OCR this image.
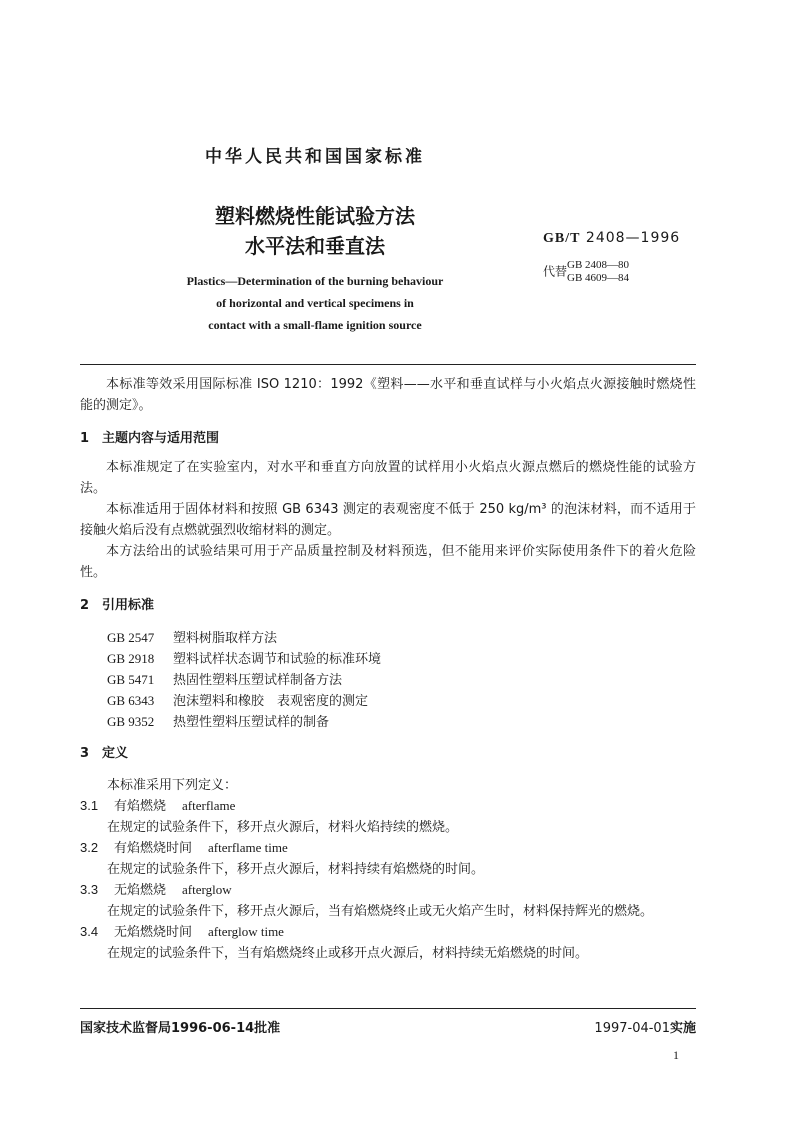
中华人民共和国国家标准
塑料燃烧性能试验方法
水平法和垂直法	GB/T 2408—1996
代替 GB 2408—80
GB 4609—84
Plastics—Determination of the burning behaviour
of horizontal and vertical specimens in
contact with a small-flame ignition source
本标准等效采用国际标准 ISO 1210：1992《塑料——水平和垂直试样与小火焰点火源接触时燃烧性能的测定》。
1 主题内容与适用范围
本标准规定了在实验室内，对水平和垂直方向放置的试样用小火焰点火源点燃后的燃烧性能的试验方法。
本标准适用于固体材料和按照 GB 6343 测定的表观密度不低于 250 kg/m³ 的泡沫材料，而不适用于接触火焰后没有点燃就强烈收缩材料的测定。
本方法给出的试验结果可用于产品质量控制及材料预选，但不能用来评价实际使用条件下的着火危险性。
2 引用标准
GB 2547 塑料树脂取样方法
GB 2918 塑料试样状态调节和试验的标准环境
GB 5471 热固性塑料压塑试样制备方法
GB 6343 泡沫塑料和橡胶　表观密度的测定
GB 9352 热塑性塑料压塑试样的制备
3 定义
本标准采用下列定义：
3.1 有焰燃烧 afterflame
在规定的试验条件下，移开点火源后，材料火焰持续的燃烧。
3.2 有焰燃烧时间 afterflame time
在规定的试验条件下，移开点火源后，材料持续有焰燃烧的时间。
3.3 无焰燃烧 afterglow
在规定的试验条件下，移开点火源后，当有焰燃烧终止或无火焰产生时，材料保持辉光的燃烧。
3.4 无焰燃烧时间 afterglow time
在规定的试验条件下，当有焰燃烧终止或移开点火源后，材料持续无焰燃烧的时间。
国家技术监督局1996-06-14批准	1997-04-01实施
1
